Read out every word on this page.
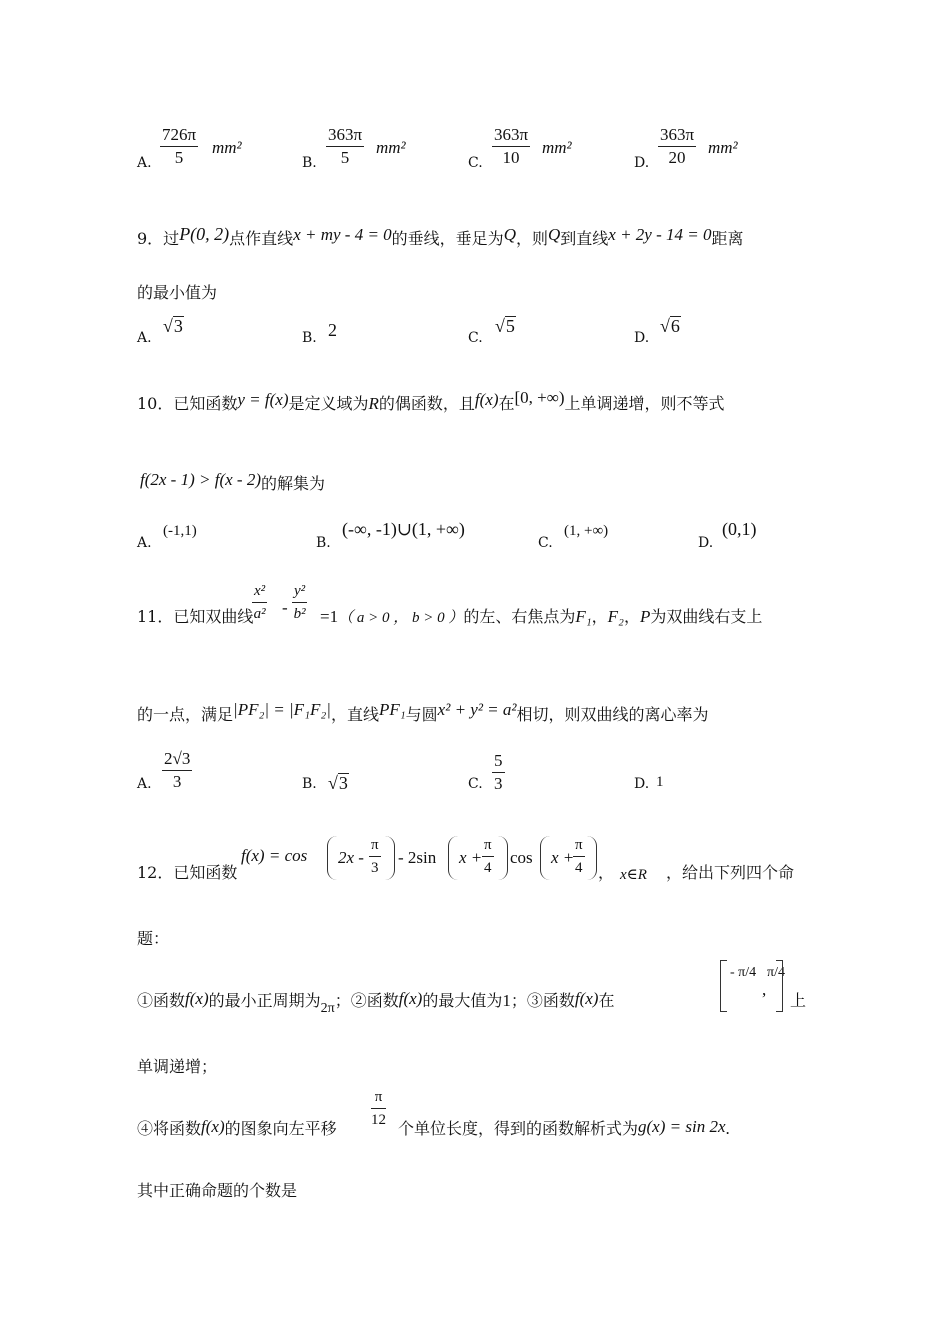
A.
726π
5
mm²
B.
363π
5
mm²
C.
363π
10
mm²
D.
363π
20
mm²
9．过P(0, 2)点作直线x + my - 4 = 0的垂线，垂足为Q，则Q到直线x + 2y - 14 = 0距离
的最小值为
A.
√3
B. 2	C.
√5
D.
√6
10．已知函数y = f(x)是定义域为R的偶函数，且f(x)在[0, +∞)上单调递增，则不等式
f(2x - 1) > f(x - 2)的解集为
A.
(-1,1)
B.
(-∞, -1)∪(1, +∞)
C.
(1, +∞)
D.
(0,1)
11．已知双曲线
x²
a² -
y²
b² =1（ a > 0 ， b > 0 ）的左、右焦点为F₁，F₂，P为双曲线右支上
的一点，满足|PF₂| = |F₁F₂|，直线PF₁与圆x² + y² = a²相切，则双曲线的离心率为
A.
2√3
3	B. √3	C.
5
3	D. 1
12．已知函数
f(x) = cos 2x -
π
3
- 2sin x +
π
4
cos x +
π
4 ， x∈R ，给出下列四个命
题：
①函数f(x)的最小正周期为2π；②函数f(x)的最大值为1；③函数f(x)在
- π/4
,
π/4
上
单调递增；
④将函数f(x)的图象向左平移
π
12 个单位长度，得到的函数解析式为g(x) = sin 2x.
其中正确命题的个数是
